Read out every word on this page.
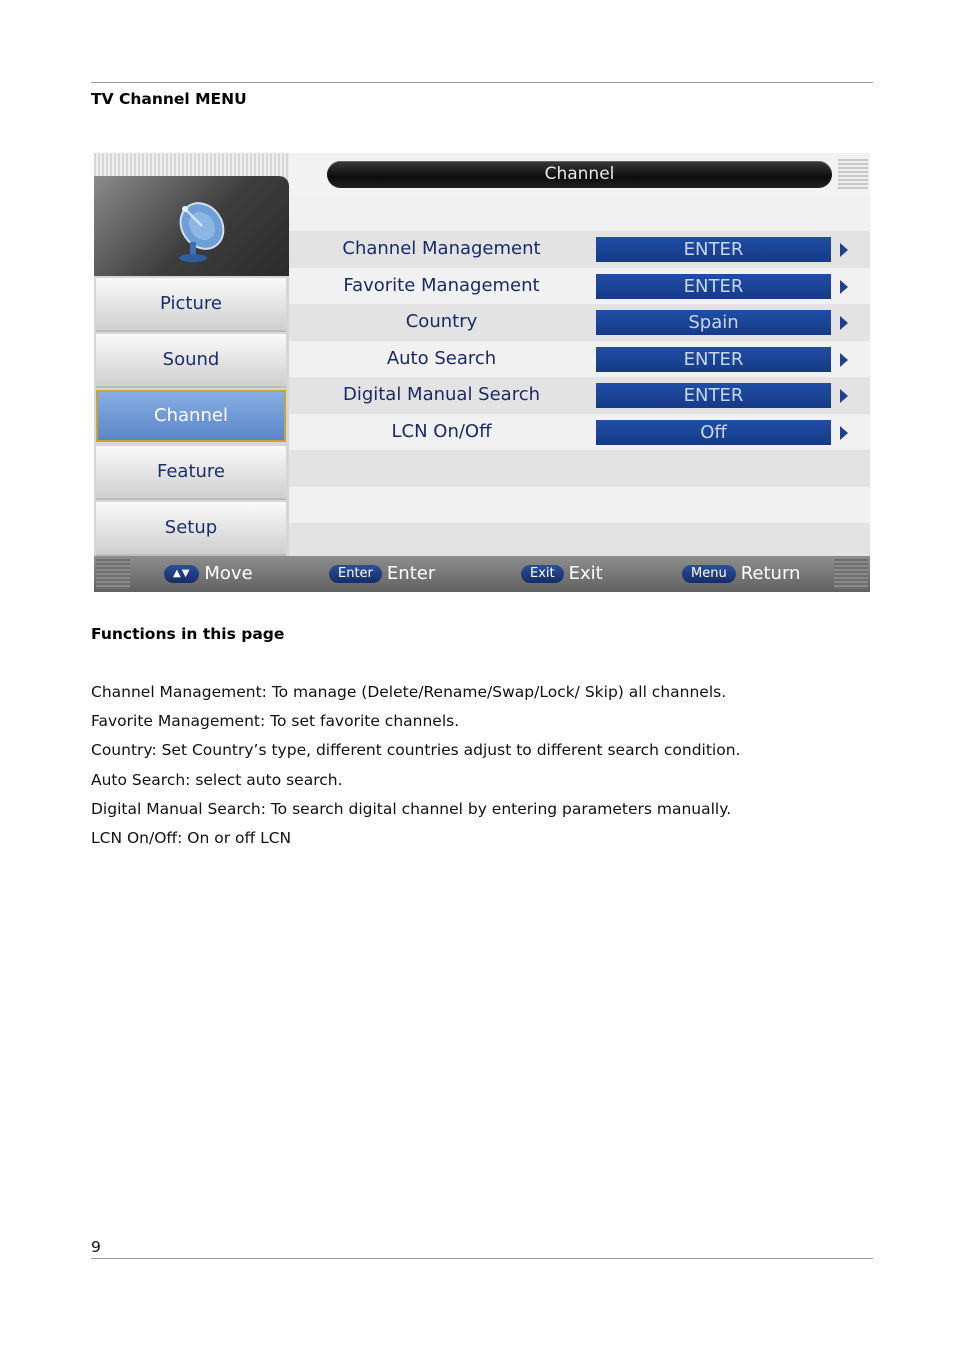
TV Channel MENU
Channel
Picture
Sound
Channel
Feature
Setup
Channel Management	ENTER
Favorite Management	ENTER
Country	Spain
Auto Search	ENTER
Digital Manual Search	ENTER
LCN On/Off	Off
▲▼ Move	Enter Enter	Exit Exit	Menu Return
Functions in this page
Channel Management: To manage (Delete/Rename/Swap/Lock/ Skip) all channels.
Favorite Management: To set favorite channels.
Country: Set Country’s type, different countries adjust to different search condition.
Auto Search: select auto search.
Digital Manual Search: To search digital channel by entering parameters manually.
LCN On/Off: On or off LCN
9
